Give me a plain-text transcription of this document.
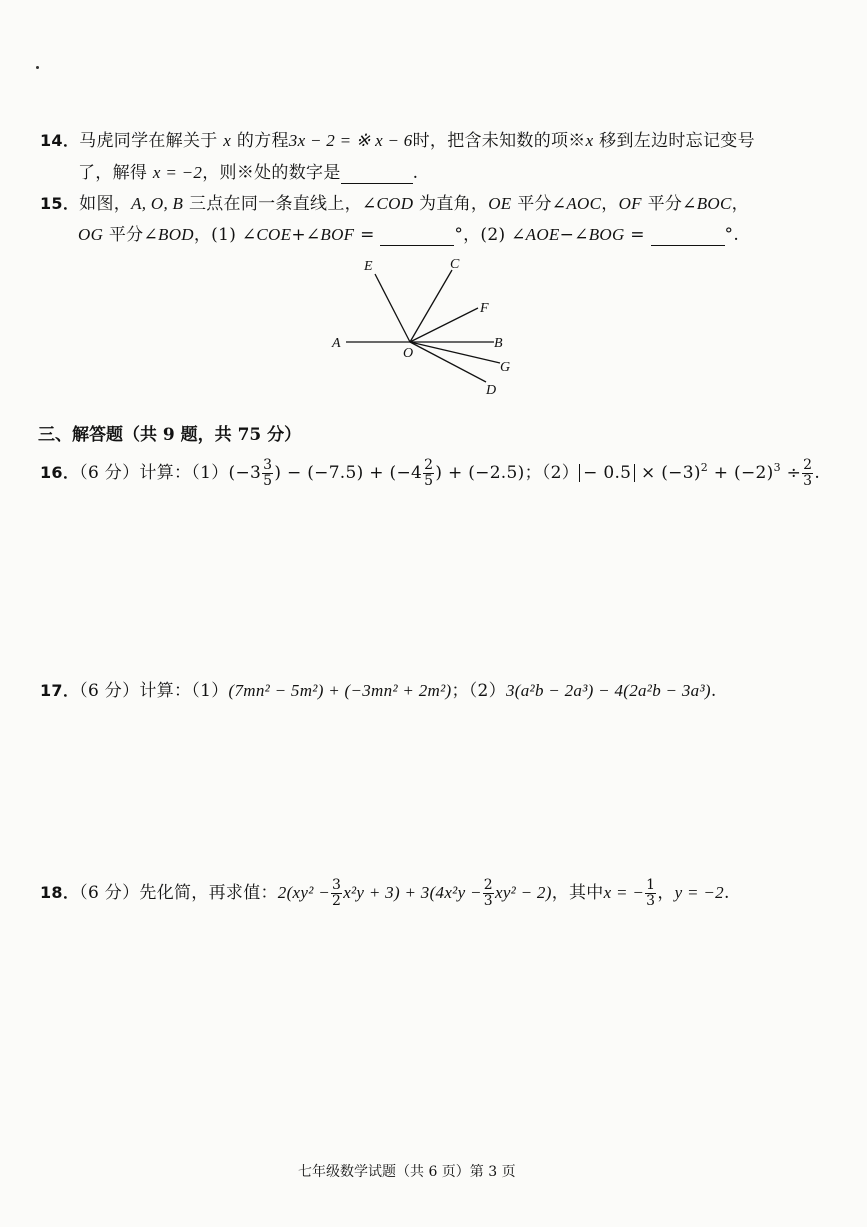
14．马虎同学在解关于 x 的方程3x − 2 = ※ x − 6时，把含未知数的项※x 移到左边时忘记变号
了，解得 x = −2，则※处的数字是	.
15．如图，A, O, B 三点在同一条直线上，∠COD 为直角，OE 平分∠AOC，OF 平分∠BOC，
OG 平分∠BOD，(1) ∠COE+∠BOF =	°，(2) ∠AOE−∠BOG =	°.
E	C
F
A
O
B
G
D
三、解答题（共 9 题，共 75 分）
16．（6 分）计算：$(1)(-3 \frac{3}{5}$ ) − $(-7.5) + (-4 \frac{2}{5}$ ) + (−2.5)；$(2) - 0.5 \times (-3)^2 + (-2)^3 \div \frac{2}{3}$ .
17．（6 分）计算：（1）(7mn² − 5m²) + (−3mn² + 2m²)；（2）3(a²b − 2a³) − 4(2a²b − 3a³).
18．（6 分）先化简，再求值：$2(xy^2 - \frac{3}{2} x^2y + 3) + 3(4x^2y - \frac{2}{3} xy^2 - 2)$，其中x = − $\frac{1}{3}$ ，y = −2.
七年级数学试题（共 6 页）第 3 页
